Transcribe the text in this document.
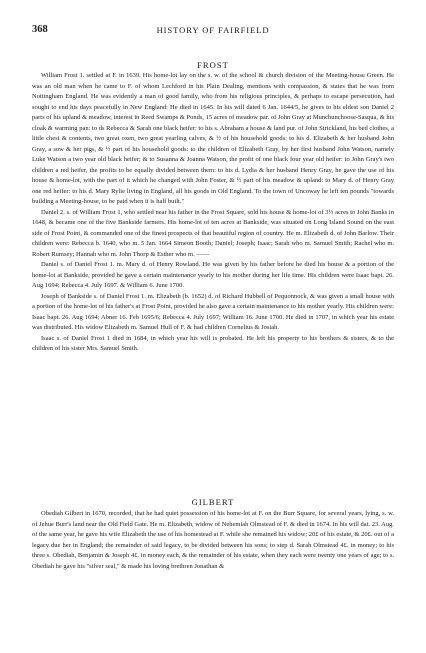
368	HISTORY OF FAIRFIELD
FROST

William Frost 1. settled at F. in 1639. His home-lot lay on the s. w. of the school & church division of the Meeting-house Green. He was an old man when he came to F. of whom Lechford in his Plain Dealing, mentions with compassion, & states that he was from Nottingham England. He was evidently a man of good family, who from his religious principles, & perhaps to escape persecution, had sought to end his days peacefully in New England: He died in 1645. In his will dated 6 Jan. 1644/5, he gives to his eldest son Daniel 2 parts of his upland & meadow, interest in Reed Swamps & Ponds, 15 acres of meadow par. of John Gray at Munchunchoose-Sasqua, & his cloak & warming pan: to ds Rebecca & Sarah one black heifer: to his s. Abraham a house & land pur. of John Strickland, his bed clothes, a little chest & contents, two great oxen, two great yearling calves, & ½ of his household goods: to his d. Elizabeth & her husband John Gray, a sow & her pigs, & ½ part of his household goods: to the children of Elizabeth Gray, by her first husband John Watson, namely Luke Watson a two year old black heifer; & to Susanna & Joanna Watson, the profit of one black four year old heifer: to John Gray's two children a red heifer, the profits to be equally divided between them: to his d. Lydia & her husband Henry Gray, he gave the use of his house & home-lot, with the part of it which he changed with John Foster, & ½ part of his meadow & upland: to Mary d. of Henry Gray one red heifer: to his d. Mary Rylie living in England, all his goods in Old England. To the town of Uncoway he left ten pounds "towards building a Meeting-house, to be paid when it is half built."

Daniel 2. s. of William Frost 1, who settled near his father in the Frost Square, sold his house & home-lot of 3½ acres to John Banks in 1648, & became one of the five Bankside farmers. His home-lot of ten acres at Bankside, was situated on Long Island Sound on the east side of Frost Point, & commanded one of the finest prospects of that beautiful region of country. He m. Elizabeth d. of John Barlow. Their children were: Rebecca b. 1640, who m. 5 Jan. 1664 Simeon Booth; Daniel; Joseph; Isaac; Sarah who m. Samuel Smith; Rachel who m. Robert Rumsey; Hannah who m. John Thorp & Esther who m. ——

Daniel s. of Daniel Frost 1. m. Mary d. of Henry Rowland. He was given by his father before he died his house & a portion of the home-lot at Bankside, provided he gave a certain maintenance yearly to his mother during her life time. His children were Isaac bapt. 26. Aug 1694; Rebecca 4. July 1697. & William 6. June 1700.

Joseph of Bankside s. of Daniel Frost 1. m. Elizabeth (b. 1652) d. of Richard Hubbell of Pequonnock, & was given a small house with a portion of the home-lot of his father's at Frost Point, provided he also gave a certain maintenance to his mother yearly. His children were: Isaac bapt. 26. Aug 1694; Abner 16. Feb 1695/6; Rebecca 4. July 1697; William 16. June 1700. He died in 1707, in which year his estate was distributed. His widow Elizabeth m. Samuel Hull of F. & had children Cornelius & Josiah.

Isaac s. of Daniel Frost 1 died in 1684, in which year his will is probated. He left his property to his brothers & sisters, & to the children of his sister Mrs. Samuel Smith.

GILBERT

Obediah Gilbert in 1670, recorded, that he had quiet possession of his home-lot at F. on the Burr Square, for several years, lying, s. w. of Jehue Burr's land near the Old Field Gate. He m. Elizabeth, widow of Nehemiah Olmstead of F. & died in 1674. In his will dat. 23. Aug. of the same year, he gave his wife Elizabeth the use of his homestead at F. while she remained his widow; 20£ of his estate, & 20£. out of a legacy due her in England; the remainder of said legacy, to be divided between his sons; to step d. Sarah Olmstead 4£. in money; to his three s. Obediah, Benjamin & Joseph 4£. in money each, & the remainder of his estate, when they each were twenty one years of age; to s. Obediah he gave his "silver seal," & made his loving brethren Jonathan &
